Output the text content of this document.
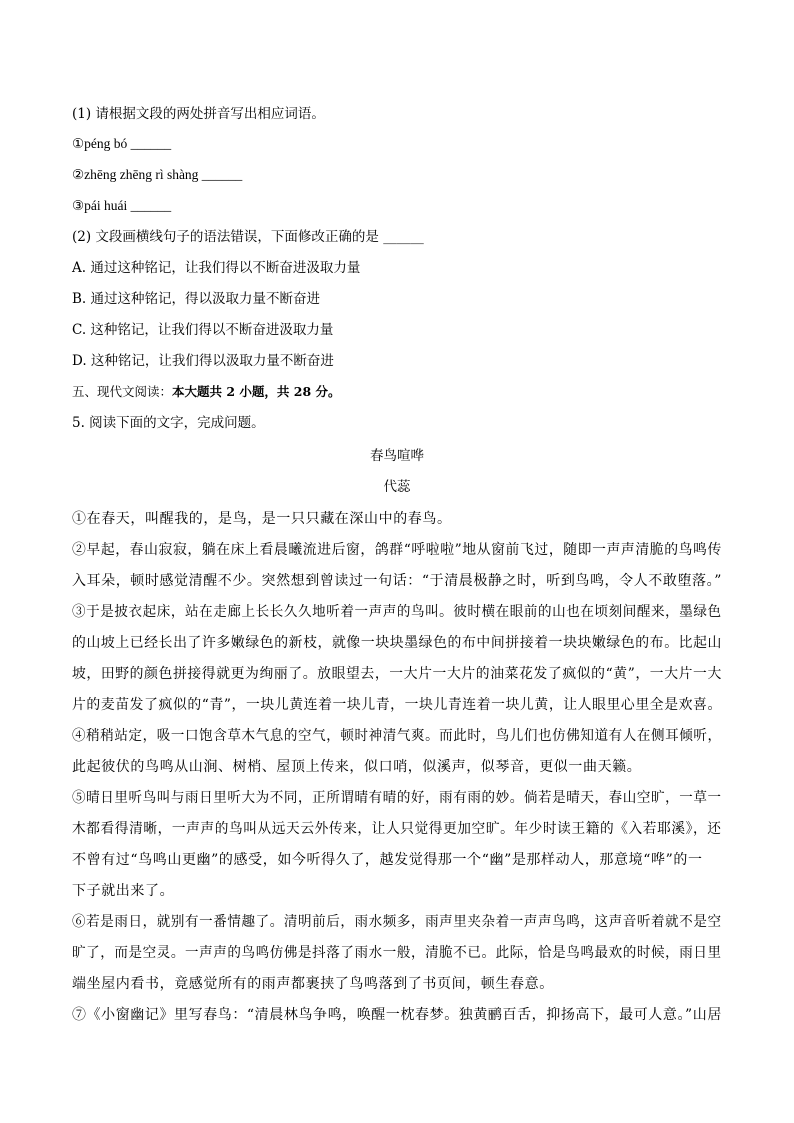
(1) 请根据文段的两处拼音写出相应词语。
①péng bó ______
②zhēng zhēng rì shàng ______
③pái huái ______
(2) 文段画横线句子的语法错误，下面修改正确的是 ______
A. 通过这种铭记，让我们得以不断奋进汲取力量
B. 通过这种铭记，得以汲取力量不断奋进
C. 这种铭记，让我们得以不断奋进汲取力量
D. 这种铭记，让我们得以汲取力量不断奋进
五、现代文阅读：本大题共 2 小题，共 28 分。
5. 阅读下面的文字，完成问题。
春鸟喧哗
代蕊
①在春天，叫醒我的，是鸟，是一只只藏在深山中的春鸟。
②早起，春山寂寂，躺在床上看晨曦流进后窗，鸽群“呼啦啦”地从窗前飞过，随即一声声清脆的鸟鸣传
入耳朵，顿时感觉清醒不少。突然想到曾读过一句话：“于清晨极静之时，听到鸟鸣，令人不敢堕落。”
③于是披衣起床，站在走廊上长长久久地听着一声声的鸟叫。彼时横在眼前的山也在顷刻间醒来，墨绿色
的山坡上已经长出了许多嫩绿色的新枝，就像一块块墨绿色的布中间拼接着一块块嫩绿色的布。比起山
坡，田野的颜色拼接得就更为绚丽了。放眼望去，一大片一大片的油菜花发了疯似的“黄”，一大片一大
片的麦苗发了疯似的“青”，一块儿黄连着一块儿青，一块儿青连着一块儿黄，让人眼里心里全是欢喜。
④稍稍站定，吸一口饱含草木气息的空气，顿时神清气爽。而此时，鸟儿们也仿佛知道有人在侧耳倾听，
此起彼伏的鸟鸣从山涧、树梢、屋顶上传来，似口哨，似溪声，似琴音，更似一曲天籁。
⑤晴日里听鸟叫与雨日里听大为不同，正所谓晴有晴的好，雨有雨的妙。倘若是晴天，春山空旷，一草一
木都看得清晰，一声声的鸟叫从远天云外传来，让人只觉得更加空旷。年少时读王籍的《入若耶溪》，还
不曾有过“鸟鸣山更幽”的感受，如今听得久了，越发觉得那一个“幽”是那样动人，那意境“哗”的一
下子就出来了。
⑥若是雨日，就别有一番情趣了。清明前后，雨水频多，雨声里夹杂着一声声鸟鸣，这声音听着就不是空
旷了，而是空灵。一声声的鸟鸣仿佛是抖落了雨水一般，清脆不已。此际，恰是鸟鸣最欢的时候，雨日里
端坐屋内看书，竟感觉所有的雨声都裹挟了鸟鸣落到了书页间，顿生春意。
⑦《小窗幽记》里写春鸟：“清晨林鸟争鸣，唤醒一枕春梦。独黄鹂百舌，抑扬高下，最可人意。”山居
